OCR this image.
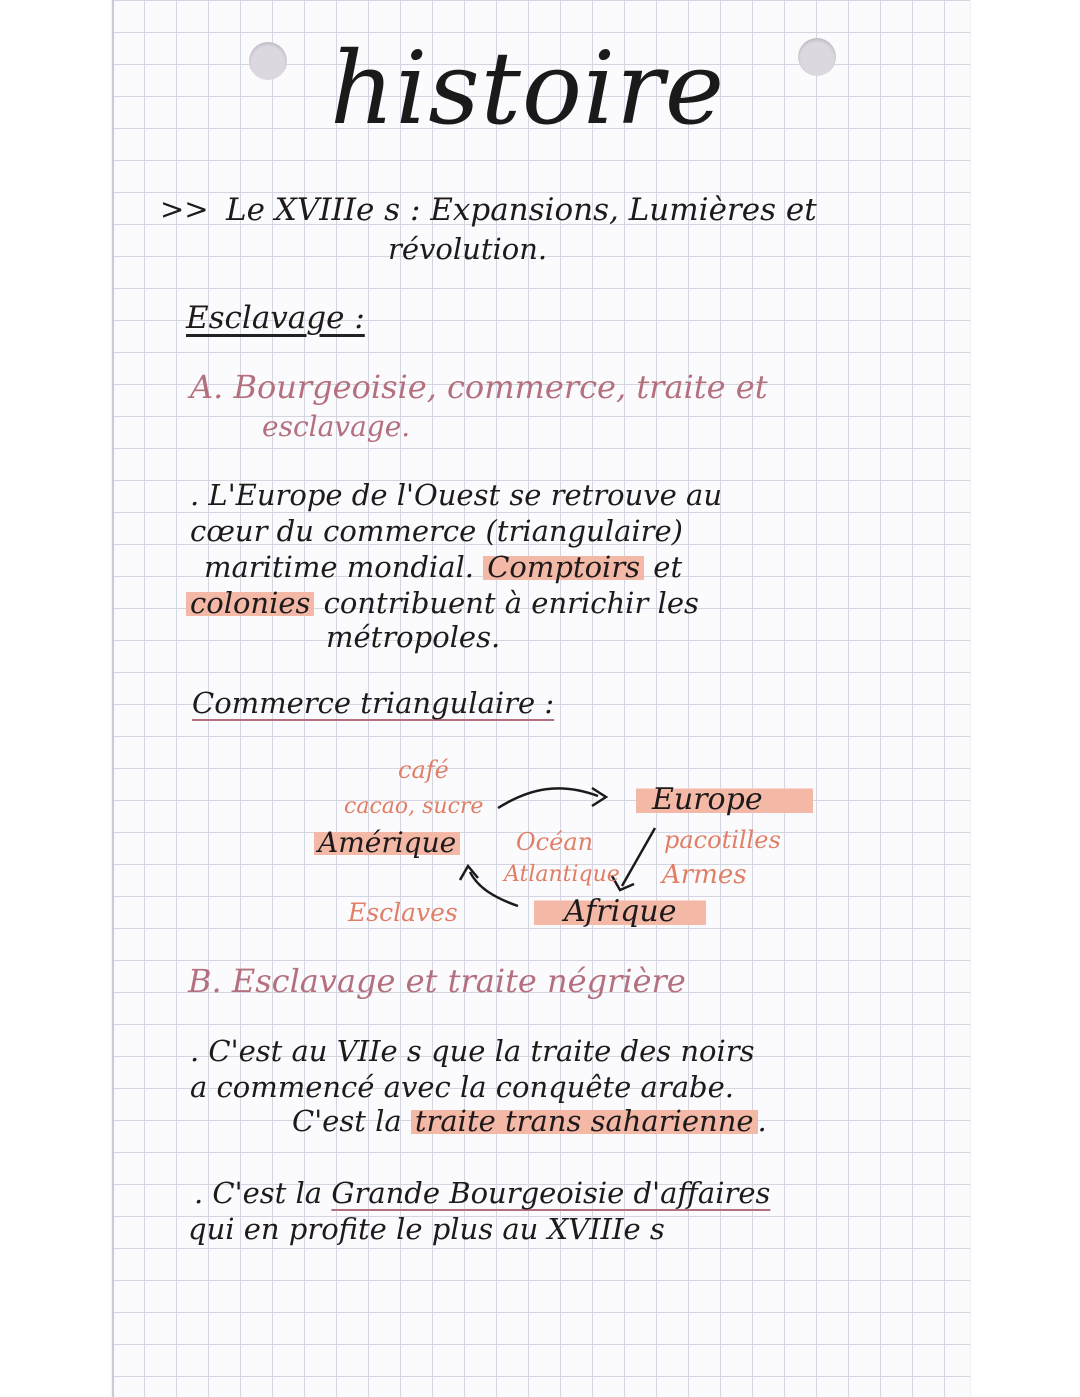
histoire
>> Le XVIIIe s : Expansions, Lumières et
révolution.
Esclavage :
A. Bourgeoisie, commerce, traite et
esclavage.
. L'Europe de l'Ouest se retrouve au
cœur du commerce (triangulaire)
maritime mondial. Comptoirs et
colonies contribuent à enrichir les
métropoles.
Commerce triangulaire :
café
cacao, sucre	Europe
Amérique Océan
Atlantique
pacotilles
Armes
Esclaves	Afrique
B. Esclavage et traite négrière
. C'est au VIIe s que la traite des noirs
a commencé avec la conquête arabe.
C'est la traite trans saharienne .
. C'est la Grande Bourgeoisie d'affaires
qui en profite le plus au XVIIIe s
